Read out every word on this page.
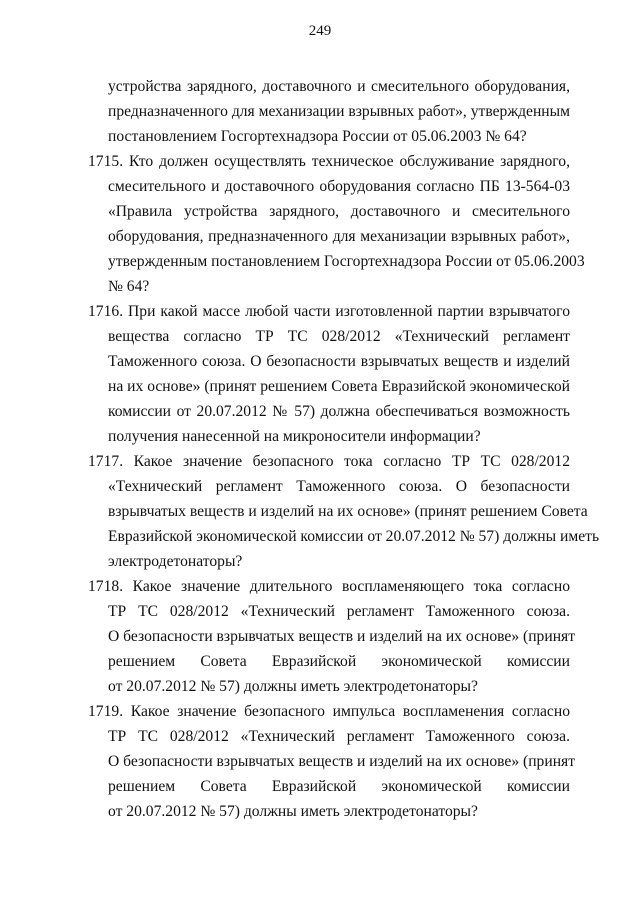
249
устройства зарядного, доставочного и смесительного оборудования,
предназначенного для механизации взрывных работ», утвержденным
постановлением Госгортехнадзора России от 05.06.2003 № 64?
1715. Кто должен осуществлять техническое обслуживание зарядного,
смесительного и доставочного оборудования согласно ПБ 13-564-03
«Правила устройства зарядного, доставочного и смесительного
оборудования, предназначенного для механизации взрывных работ»,
утвержденным постановлением Госгортехнадзора России от 05.06.2003
№ 64?
1716. При какой массе любой части изготовленной партии взрывчатого
вещества согласно ТР ТС 028/2012 «Технический регламент
Таможенного союза. О безопасности взрывчатых веществ и изделий
на их основе» (принят решением Совета Евразийской экономической
комиссии от 20.07.2012 № 57) должна обеспечиваться возможность
получения нанесенной на микроносители информации?
1717. Какое значение безопасного тока согласно ТР ТС 028/2012
«Технический регламент Таможенного союза. О безопасности
взрывчатых веществ и изделий на их основе» (принят решением Совета
Евразийской экономической комиссии от 20.07.2012 № 57) должны иметь
электродетонаторы?
1718. Какое значение длительного воспламеняющего тока согласно
ТР ТС 028/2012 «Технический регламент Таможенного союза.
О безопасности взрывчатых веществ и изделий на их основе» (принят
решением Совета Евразийской экономической комиссии
от 20.07.2012 № 57) должны иметь электродетонаторы?
1719. Какое значение безопасного импульса воспламенения согласно
ТР ТС 028/2012 «Технический регламент Таможенного союза.
О безопасности взрывчатых веществ и изделий на их основе» (принят
решением Совета Евразийской экономической комиссии
от 20.07.2012 № 57) должны иметь электродетонаторы?
